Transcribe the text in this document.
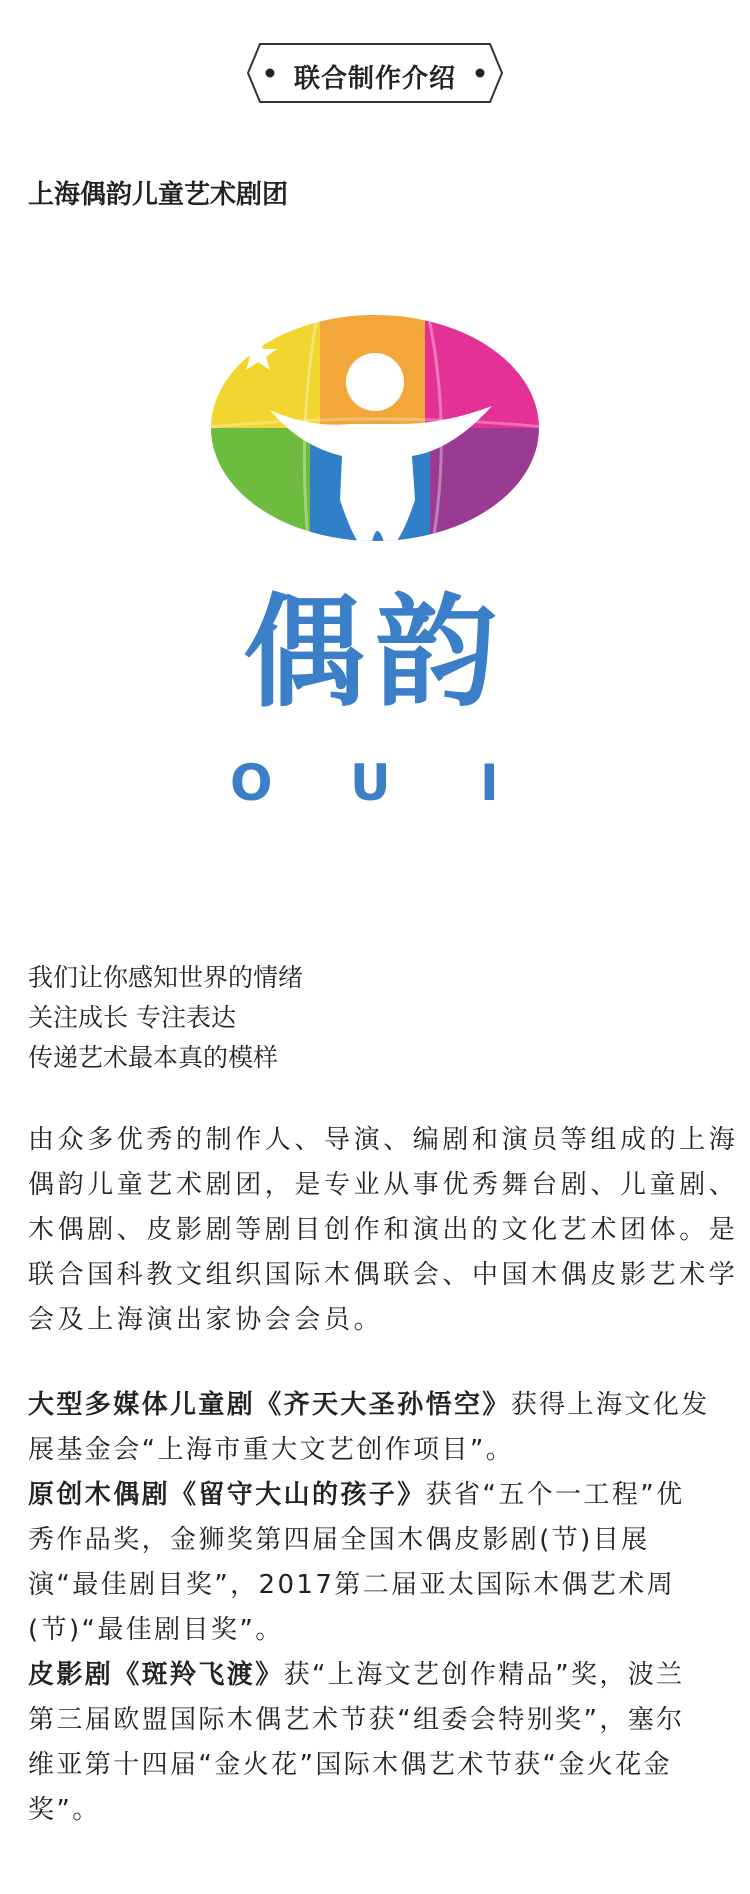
联合制作介绍
上海偶韵儿童艺术剧团
偶韵
O U I
我们让你感知世界的情绪
关注成长 专注表达
传递艺术最本真的模样
由众多优秀的制作人、导演、编剧和演员等组成的上海
偶韵儿童艺术剧团，是专业从事优秀舞台剧、儿童剧、
木偶剧、皮影剧等剧目创作和演出的文化艺术团体。是
联合国科教文组织国际木偶联会、中国木偶皮影艺术学
会及上海演出家协会会员。
大型多媒体儿童剧《齐天大圣孙悟空》获得上海文化发
展基金会“上海市重大文艺创作项目”。
原创木偶剧《留守大山的孩子》获省“五个一工程”优
秀作品奖，金狮奖第四届全国木偶皮影剧(节)目展
演“最佳剧目奖”，2017第二届亚太国际木偶艺术周
(节)“最佳剧目奖”。
皮影剧《斑羚飞渡》获“上海文艺创作精品”奖，波兰
第三届欧盟国际木偶艺术节获“组委会特别奖”，塞尔
维亚第十四届“金火花”国际木偶艺术节获“金火花金
奖”。
